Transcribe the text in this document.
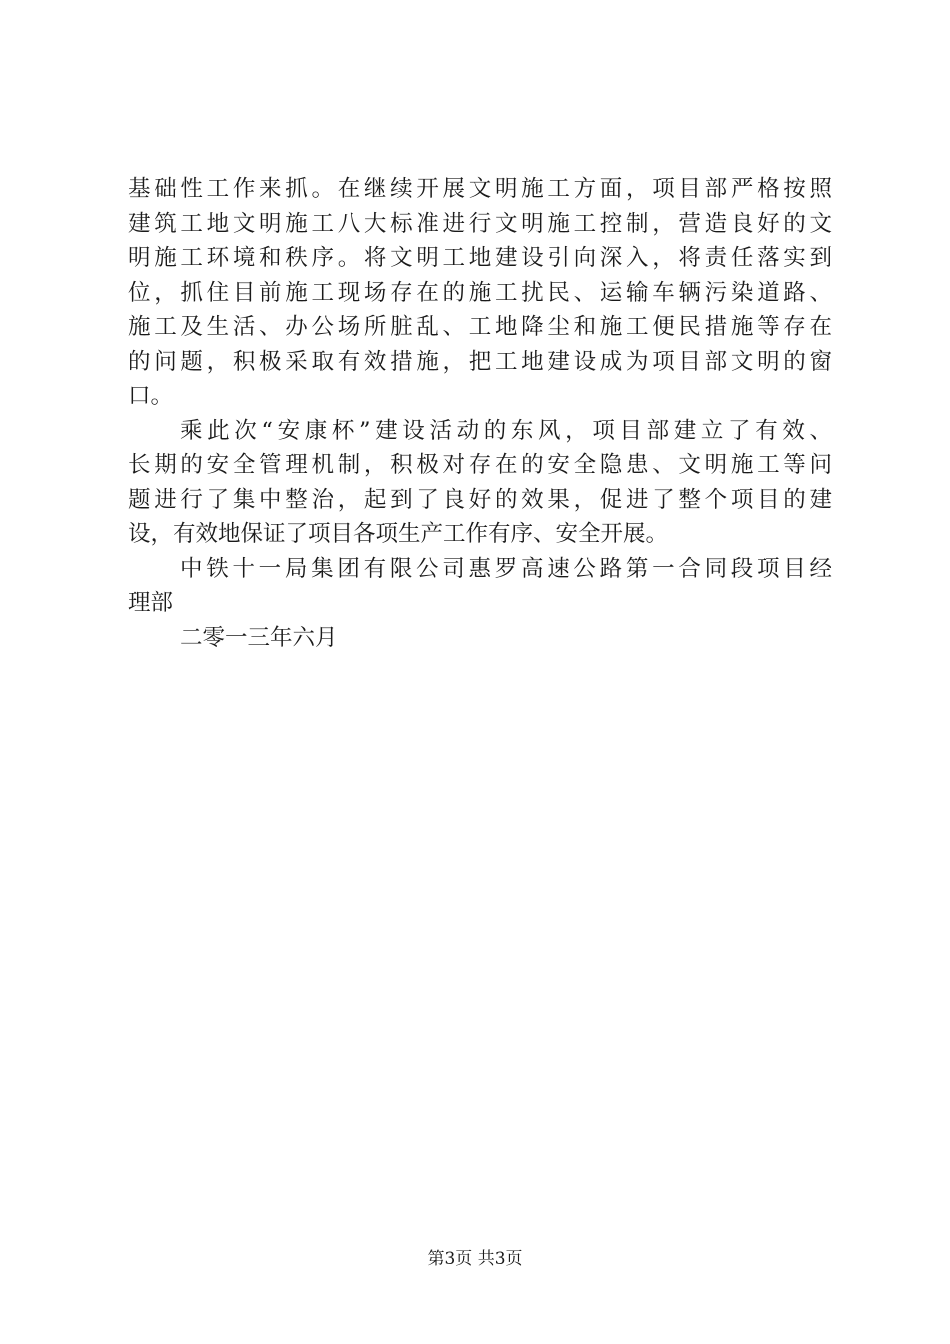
基础性工作来抓。在继续开展文明施工方面，项目部严格按照
建筑工地文明施工八大标准进行文明施工控制，营造良好的文
明施工环境和秩序。将文明工地建设引向深入，将责任落实到
位，抓住目前施工现场存在的施工扰民、运输车辆污染道路、
施工及生活、办公场所脏乱、工地降尘和施工便民措施等存在
的问题，积极采取有效措施，把工地建设成为项目部文明的窗
口。
乘此次“安康杯”建设活动的东风，项目部建立了有效、
长期的安全管理机制，积极对存在的安全隐患、文明施工等问
题进行了集中整治，起到了良好的效果，促进了整个项目的建
设，有效地保证了项目各项生产工作有序、安全开展。
中铁十一局集团有限公司惠罗高速公路第一合同段项目经
理部
二零一三年六月
第3页 共3页
